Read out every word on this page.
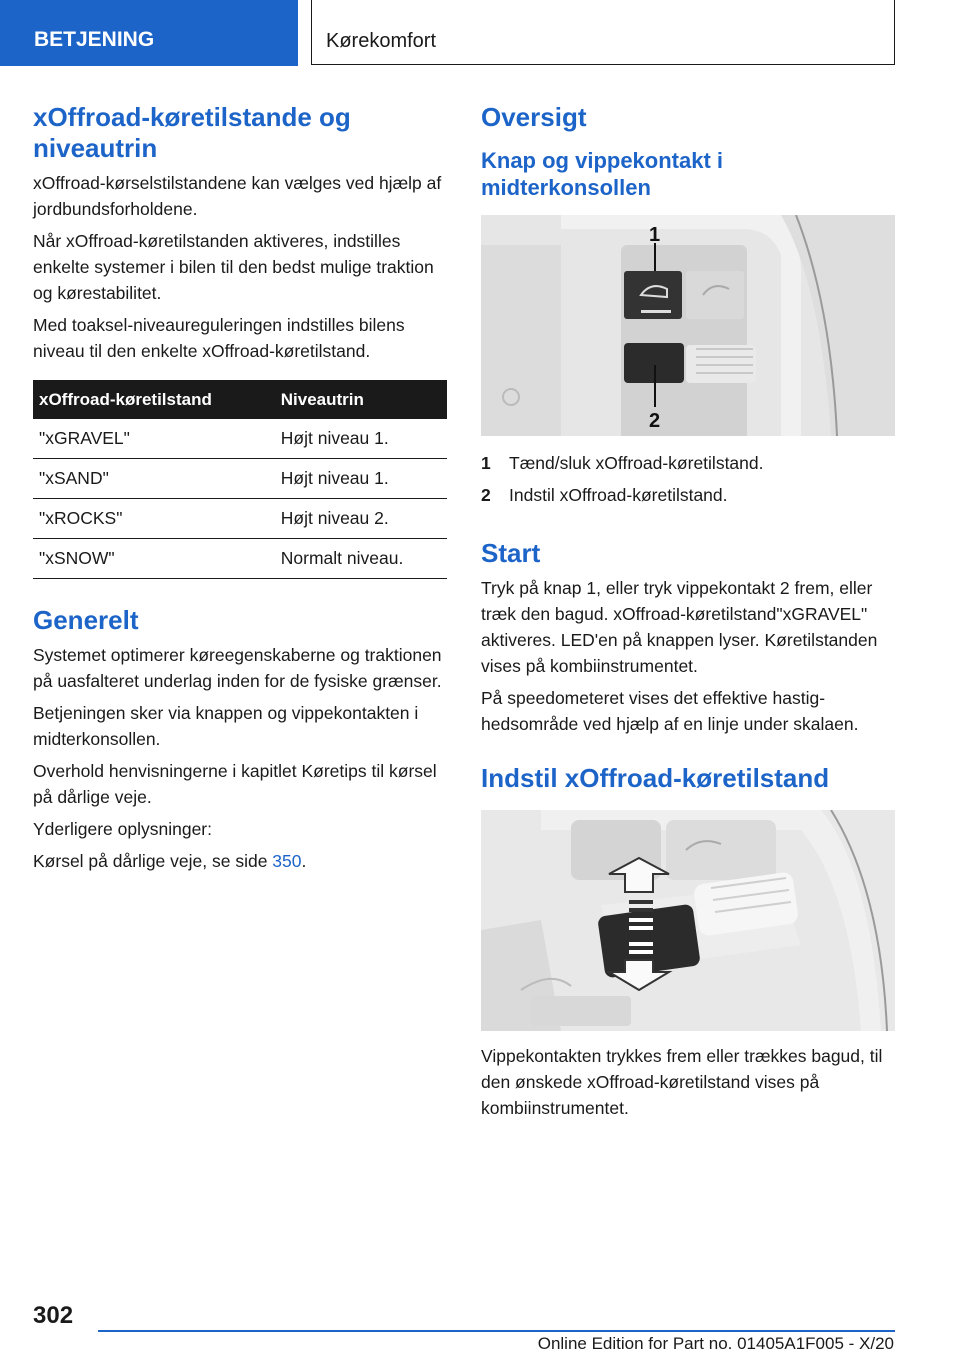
BETJENING	Kørekomfort
xOffroad-køretilstande og niveautrin

xOffroad-kørselstilstandene kan vælges ved hjælp af jordbundsforholdene.

Når xOffroad-køretilstanden aktiveres, indstilles enkelte systemer i bilen til den bedst mulige traktion og kørestabilitet.

Med toaksel-niveaureguleringen indstilles bilens niveau til den enkelte xOffroad-køretilstand.

xOffroad-køretilstand	Niveautrin
"xGRAVEL"	Højt niveau 1.
"xSAND"	Højt niveau 1.
"xROCKS"	Højt niveau 2.
"xSNOW"	Normalt niveau.
Generelt

Systemet optimerer køreegenskaberne og traktionen på uasfalteret underlag inden for de fysiske grænser.

Betjeningen sker via knappen og vippekontakten i midterkonsollen.

Overhold henvisningerne i kapitlet Køretips til kørsel på dårlige veje.

Yderligere oplysninger:

Kørsel på dårlige veje, se side 350.

Oversigt
Knap og vippekontakt i midterkonsollen
1
2
1	Tænd/sluk xOffroad-køretilstand.
2	Indstil xOffroad-køretilstand.
Start

Tryk på knap 1, eller tryk vippekontakt 2 frem, eller træk den bagud. xOffroad-køretilstand"xGRAVEL" aktiveres. LED'en på knappen lyser. Køretilstanden vises på kombiinstrumentet.

På speedometeret vises det effektive hastighedsområde ved hjælp af en linje under skalaen.

Indstil xOffroad-køretilstand

Vippekontakten trykkes frem eller trækkes bagud, til den ønskede xOffroad-køretilstand vises på kombiinstrumentet.

302
Online Edition for Part no. 01405A1F005 - X/20
